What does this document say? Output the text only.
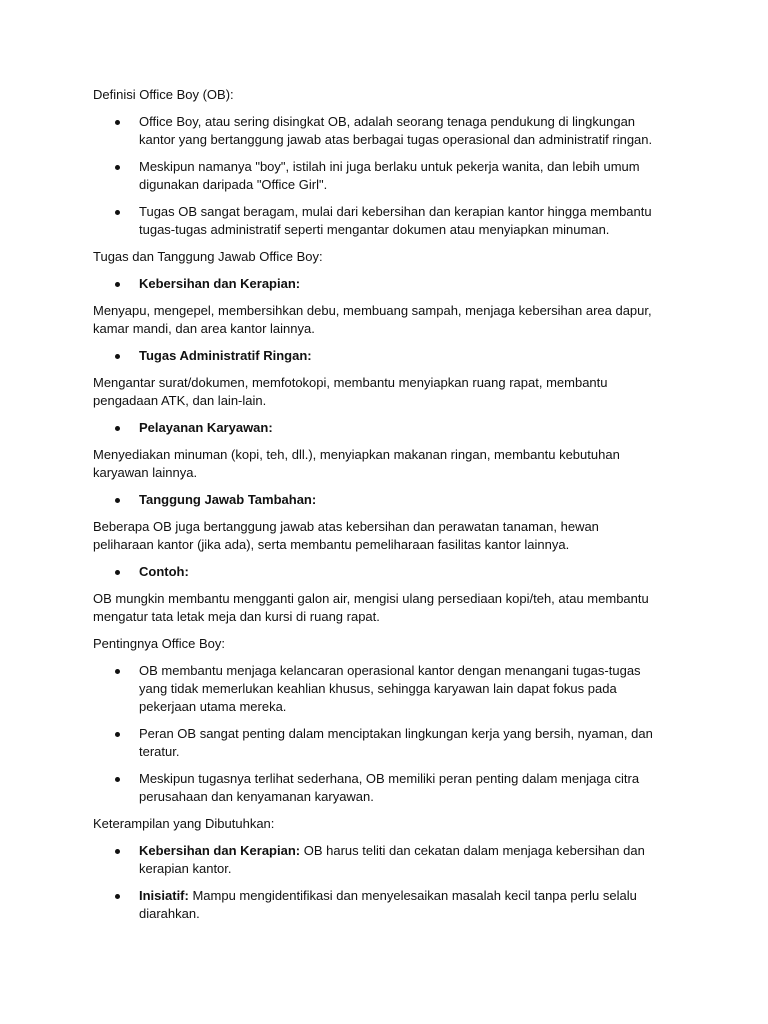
Definisi Office Boy (OB):

Office Boy, atau sering disingkat OB, adalah seorang tenaga pendukung di lingkungan kantor yang bertanggung jawab atas berbagai tugas operasional dan administratif ringan.
Meskipun namanya "boy", istilah ini juga berlaku untuk pekerja wanita, dan lebih umum digunakan daripada "Office Girl".
Tugas OB sangat beragam, mulai dari kebersihan dan kerapian kantor hingga membantu tugas-tugas administratif seperti mengantar dokumen atau menyiapkan minuman.

Tugas dan Tanggung Jawab Office Boy:

Kebersihan dan Kerapian:

Menyapu, mengepel, membersihkan debu, membuang sampah, menjaga kebersihan area dapur, kamar mandi, dan area kantor lainnya.

Tugas Administratif Ringan:

Mengantar surat/dokumen, memfotokopi, membantu menyiapkan ruang rapat, membantu pengadaan ATK, dan lain-lain.

Pelayanan Karyawan:

Menyediakan minuman (kopi, teh, dll.), menyiapkan makanan ringan, membantu kebutuhan karyawan lainnya.

Tanggung Jawab Tambahan:

Beberapa OB juga bertanggung jawab atas kebersihan dan perawatan tanaman, hewan peliharaan kantor (jika ada), serta membantu pemeliharaan fasilitas kantor lainnya.

Contoh:

OB mungkin membantu mengganti galon air, mengisi ulang persediaan kopi/teh, atau membantu mengatur tata letak meja dan kursi di ruang rapat.

Pentingnya Office Boy:

OB membantu menjaga kelancaran operasional kantor dengan menangani tugas-tugas yang tidak memerlukan keahlian khusus, sehingga karyawan lain dapat fokus pada pekerjaan utama mereka.
Peran OB sangat penting dalam menciptakan lingkungan kerja yang bersih, nyaman, dan teratur.
Meskipun tugasnya terlihat sederhana, OB memiliki peran penting dalam menjaga citra perusahaan dan kenyamanan karyawan.

Keterampilan yang Dibutuhkan:

Kebersihan dan Kerapian: OB harus teliti dan cekatan dalam menjaga kebersihan dan kerapian kantor.
Inisiatif: Mampu mengidentifikasi dan menyelesaikan masalah kecil tanpa perlu selalu diarahkan.
